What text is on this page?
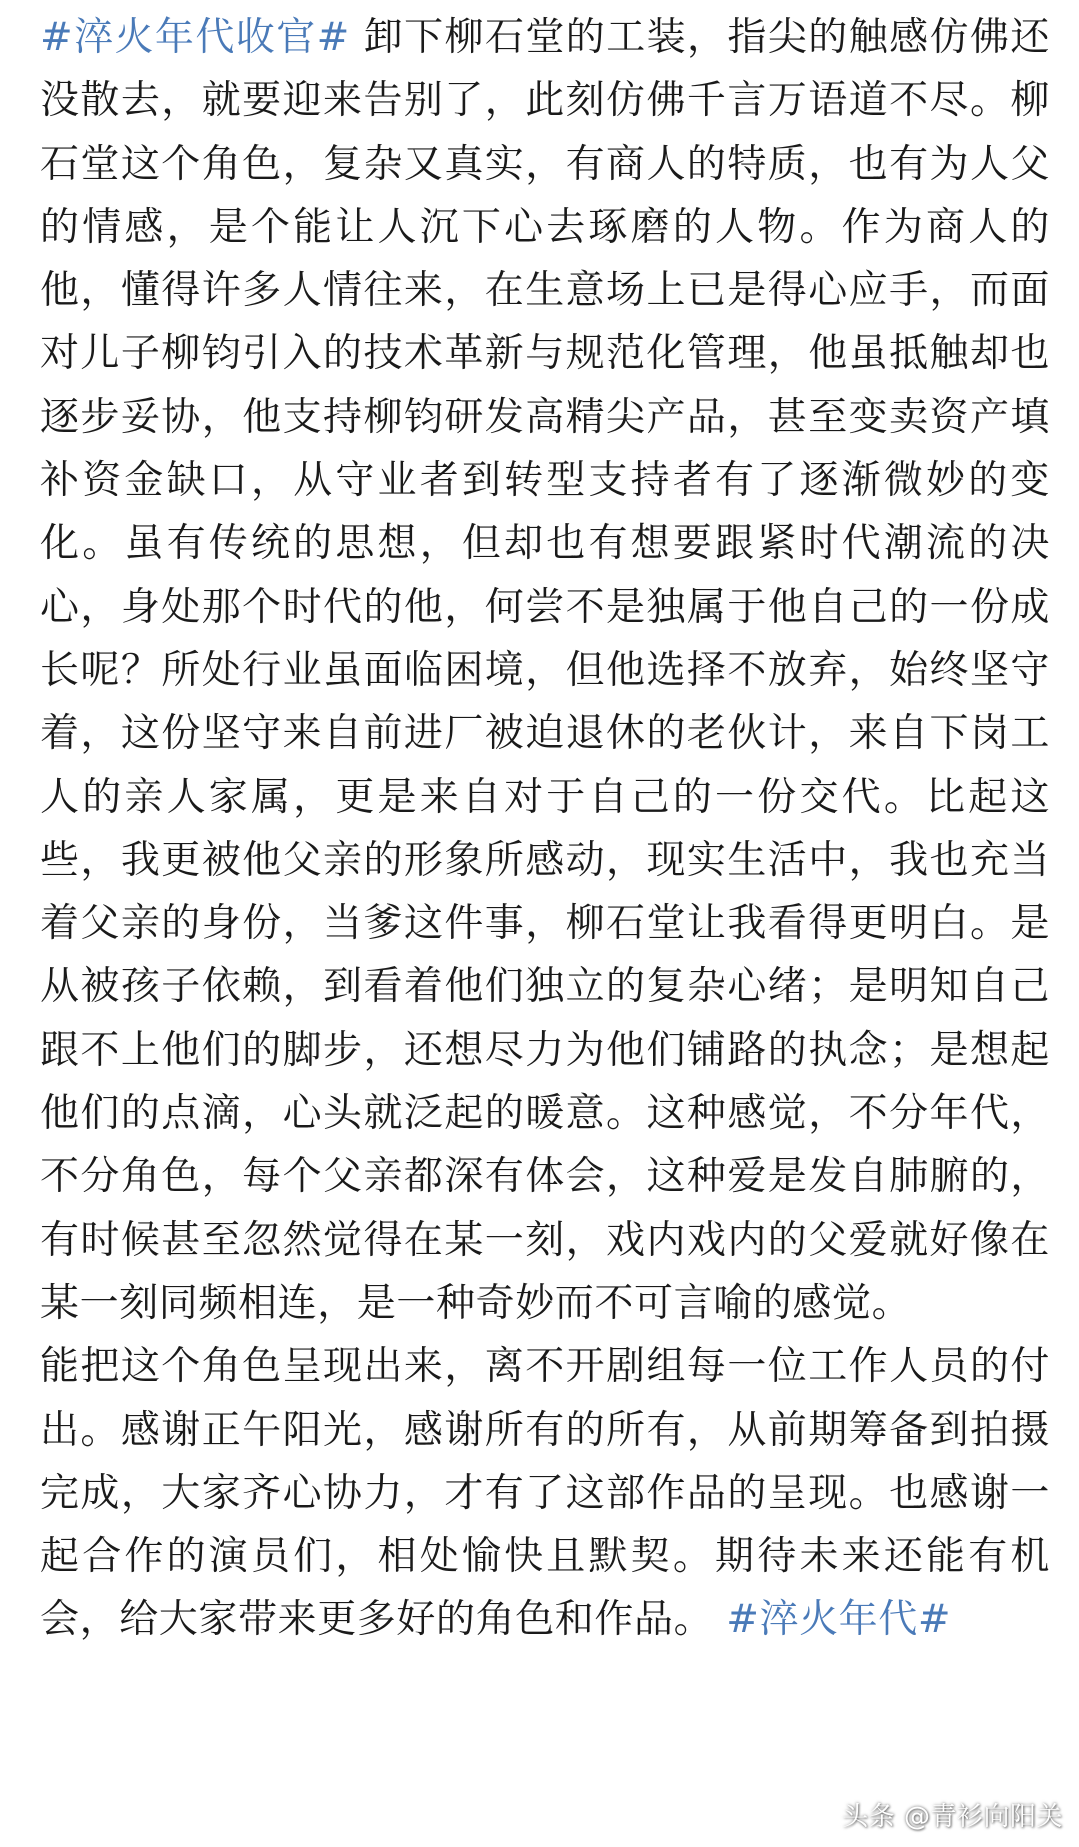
#淬火年代收官# 卸下柳石堂的工装，指尖的触感仿佛还没散去，就要迎来告别了，此刻仿佛千言万语道不尽。柳石堂这个角色，复杂又真实，有商人的特质，也有为人父的情感，是个能让人沉下心去琢磨的人物。作为商人的他，懂得许多人情往来，在生意场上已是得心应手，而面对儿子柳钧引入的技术革新与规范化管理，他虽抵触却也逐步妥协，他支持柳钧研发高精尖产品，甚至变卖资产填补资金缺口，从守业者到转型支持者有了逐渐微妙的变化。虽有传统的思想，但却也有想要跟紧时代潮流的决心，身处那个时代的他，何尝不是独属于他自己的一份成长呢？所处行业虽面临困境，但他选择不放弃，始终坚守着，这份坚守来自前进厂被迫退休的老伙计，来自下岗工人的亲人家属，更是来自对于自己的一份交代。比起这些，我更被他父亲的形象所感动，现实生活中，我也充当着父亲的身份，当爹这件事，柳石堂让我看得更明白。是从被孩子依赖，到看着他们独立的复杂心绪；是明知自己跟不上他们的脚步，还想尽力为他们铺路的执念；是想起他们的点滴，心头就泛起的暖意。这种感觉，不分年代，不分角色，每个父亲都深有体会，这种爱是发自肺腑的，有时候甚至忽然觉得在某一刻，戏内戏内的父爱就好像在某一刻同频相连，是一种奇妙而不可言喻的感觉。

能把这个角色呈现出来，离不开剧组每一位工作人员的付出。感谢正午阳光，感谢所有的所有，从前期筹备到拍摄完成，大家齐心协力，才有了这部作品的呈现。也感谢一起合作的演员们，相处愉快且默契。期待未来还能有机会，给大家带来更多好的角色和作品。 #淬火年代#

头条 @青衫向阳关
